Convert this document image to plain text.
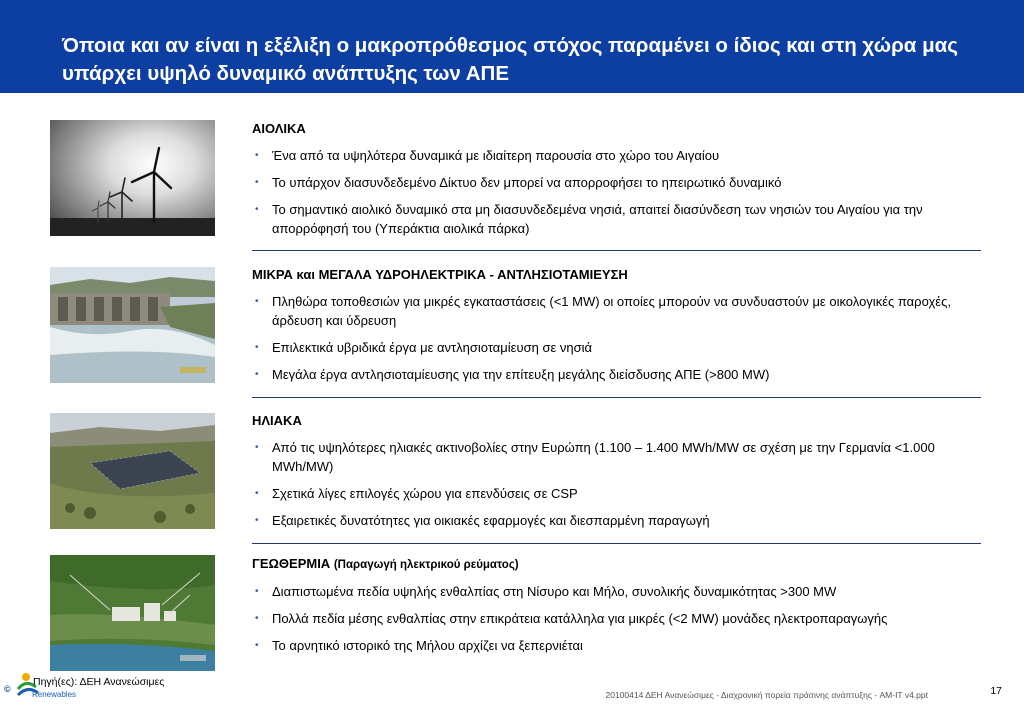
Όποια και αν είναι η εξέλιξη ο μακροπρόθεσμος στόχος παραμένει ο ίδιος και στη χώρα μας υπάρχει υψηλό δυναμικό ανάπτυξης των ΑΠΕ
ΑΙΟΛΙΚΑ
• Ένα από τα υψηλότερα δυναμικά με ιδιαίτερη παρουσία στο χώρο του Αιγαίου
• Το υπάρχον διασυνδεδεμένο Δίκτυο δεν μπορεί να απορροφήσει το ηπειρωτικό δυναμικό
• Το σημαντικό αιολικό δυναμικό στα μη διασυνδεδεμένα νησιά, απαιτεί διασύνδεση των νησιών του Αιγαίου για την απορρόφησή του (Υπεράκτια αιολικά πάρκα)
ΜΙΚΡΑ και ΜΕΓΑΛΑ ΥΔΡΟΗΛΕΚΤΡΙΚΑ - ΑΝΤΛΗΣΙΟΤΑΜΙΕΥΣΗ
• Πληθώρα τοποθεσιών για μικρές εγκαταστάσεις (<1 MW) οι οποίες μπορούν να συνδυαστούν με οικολογικές παροχές, άρδευση και ύδρευση
• Επιλεκτικά υβριδικά έργα με αντλησιοταμίευση σε νησιά
• Μεγάλα έργα αντλησιοταμίευσης για την επίτευξη μεγάλης διείσδυσης ΑΠΕ (>800 MW)
ΗΛΙΑΚΑ
• Από τις υψηλότερες ηλιακές ακτινοβολίες στην Ευρώπη (1.100 – 1.400 MWh/MW σε σχέση με την Γερμανία <1.000 MWh/MW)
• Σχετικά λίγες επιλογές χώρου για επενδύσεις σε CSP
• Εξαιρετικές δυνατότητες για οικιακές εφαρμογές και διεσπαρμένη παραγωγή
ΓΕΩΘΕΡΜΙΑ (Παραγωγή ηλεκτρικού ρεύματος)
• Διαπιστωμένα πεδία υψηλής ενθαλπίας στη Νίσυρο και Μήλο, συνολικής δυναμικότητας >300 MW
• Πολλά πεδία μέσης ενθαλπίας στην επικράτεια κατάλληλα για μικρές (<2 MW) μονάδες ηλεκτροπαραγωγής
• Το αρνητικό ιστορικό της Μήλου αρχίζει να ξεπερνιέται
Renewables
©
Πηγή(ες): ΔΕΗ Ανανεώσιμες
20100414 ΔΕΗ Ανανεώσιμες - Διαχρονική πορεία πράσινης ανάπτυξης - AM-IT v4.ppt	17
